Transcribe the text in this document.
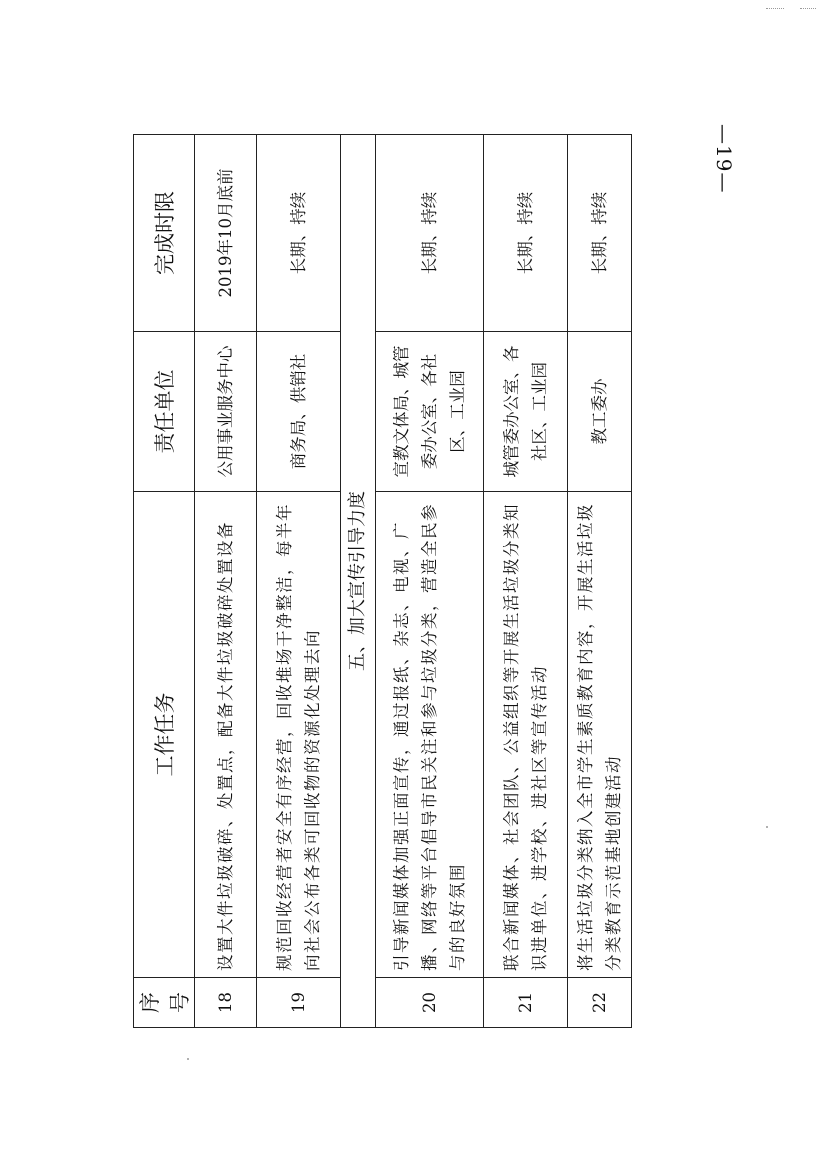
—19—
序号	工作任务	责任单位	完成时限
18	设置大件垃圾破碎、处置点，配备大件垃圾破碎处置设备	公用事业服务中心	2019年10月底前
19	规范回收经营者安全有序经营，回收堆场干净整洁，每半年向社会公布各类可回收物的资源化处理去向	商务局、供销社	长期、持续
五、加大宣传引导力度			
20	引导新闻媒体加强正面宣传，通过报纸、杂志、电视、广播、网络等平台倡导市民关注和参与垃圾分类，营造全民参与的良好氛围	宣教文体局、城管委办公室、各社区、工业园	长期、持续
21	联合新闻媒体、社会团队、公益组织等开展生活垃圾分类知识进单位、进学校、进社区等宣传活动	城管委办公室、各社区、工业园	长期、持续
22	将生活垃圾分类纳入全市学生素质教育内容，开展生活垃圾分类教育示范基地创建活动	教工委办	长期、持续
